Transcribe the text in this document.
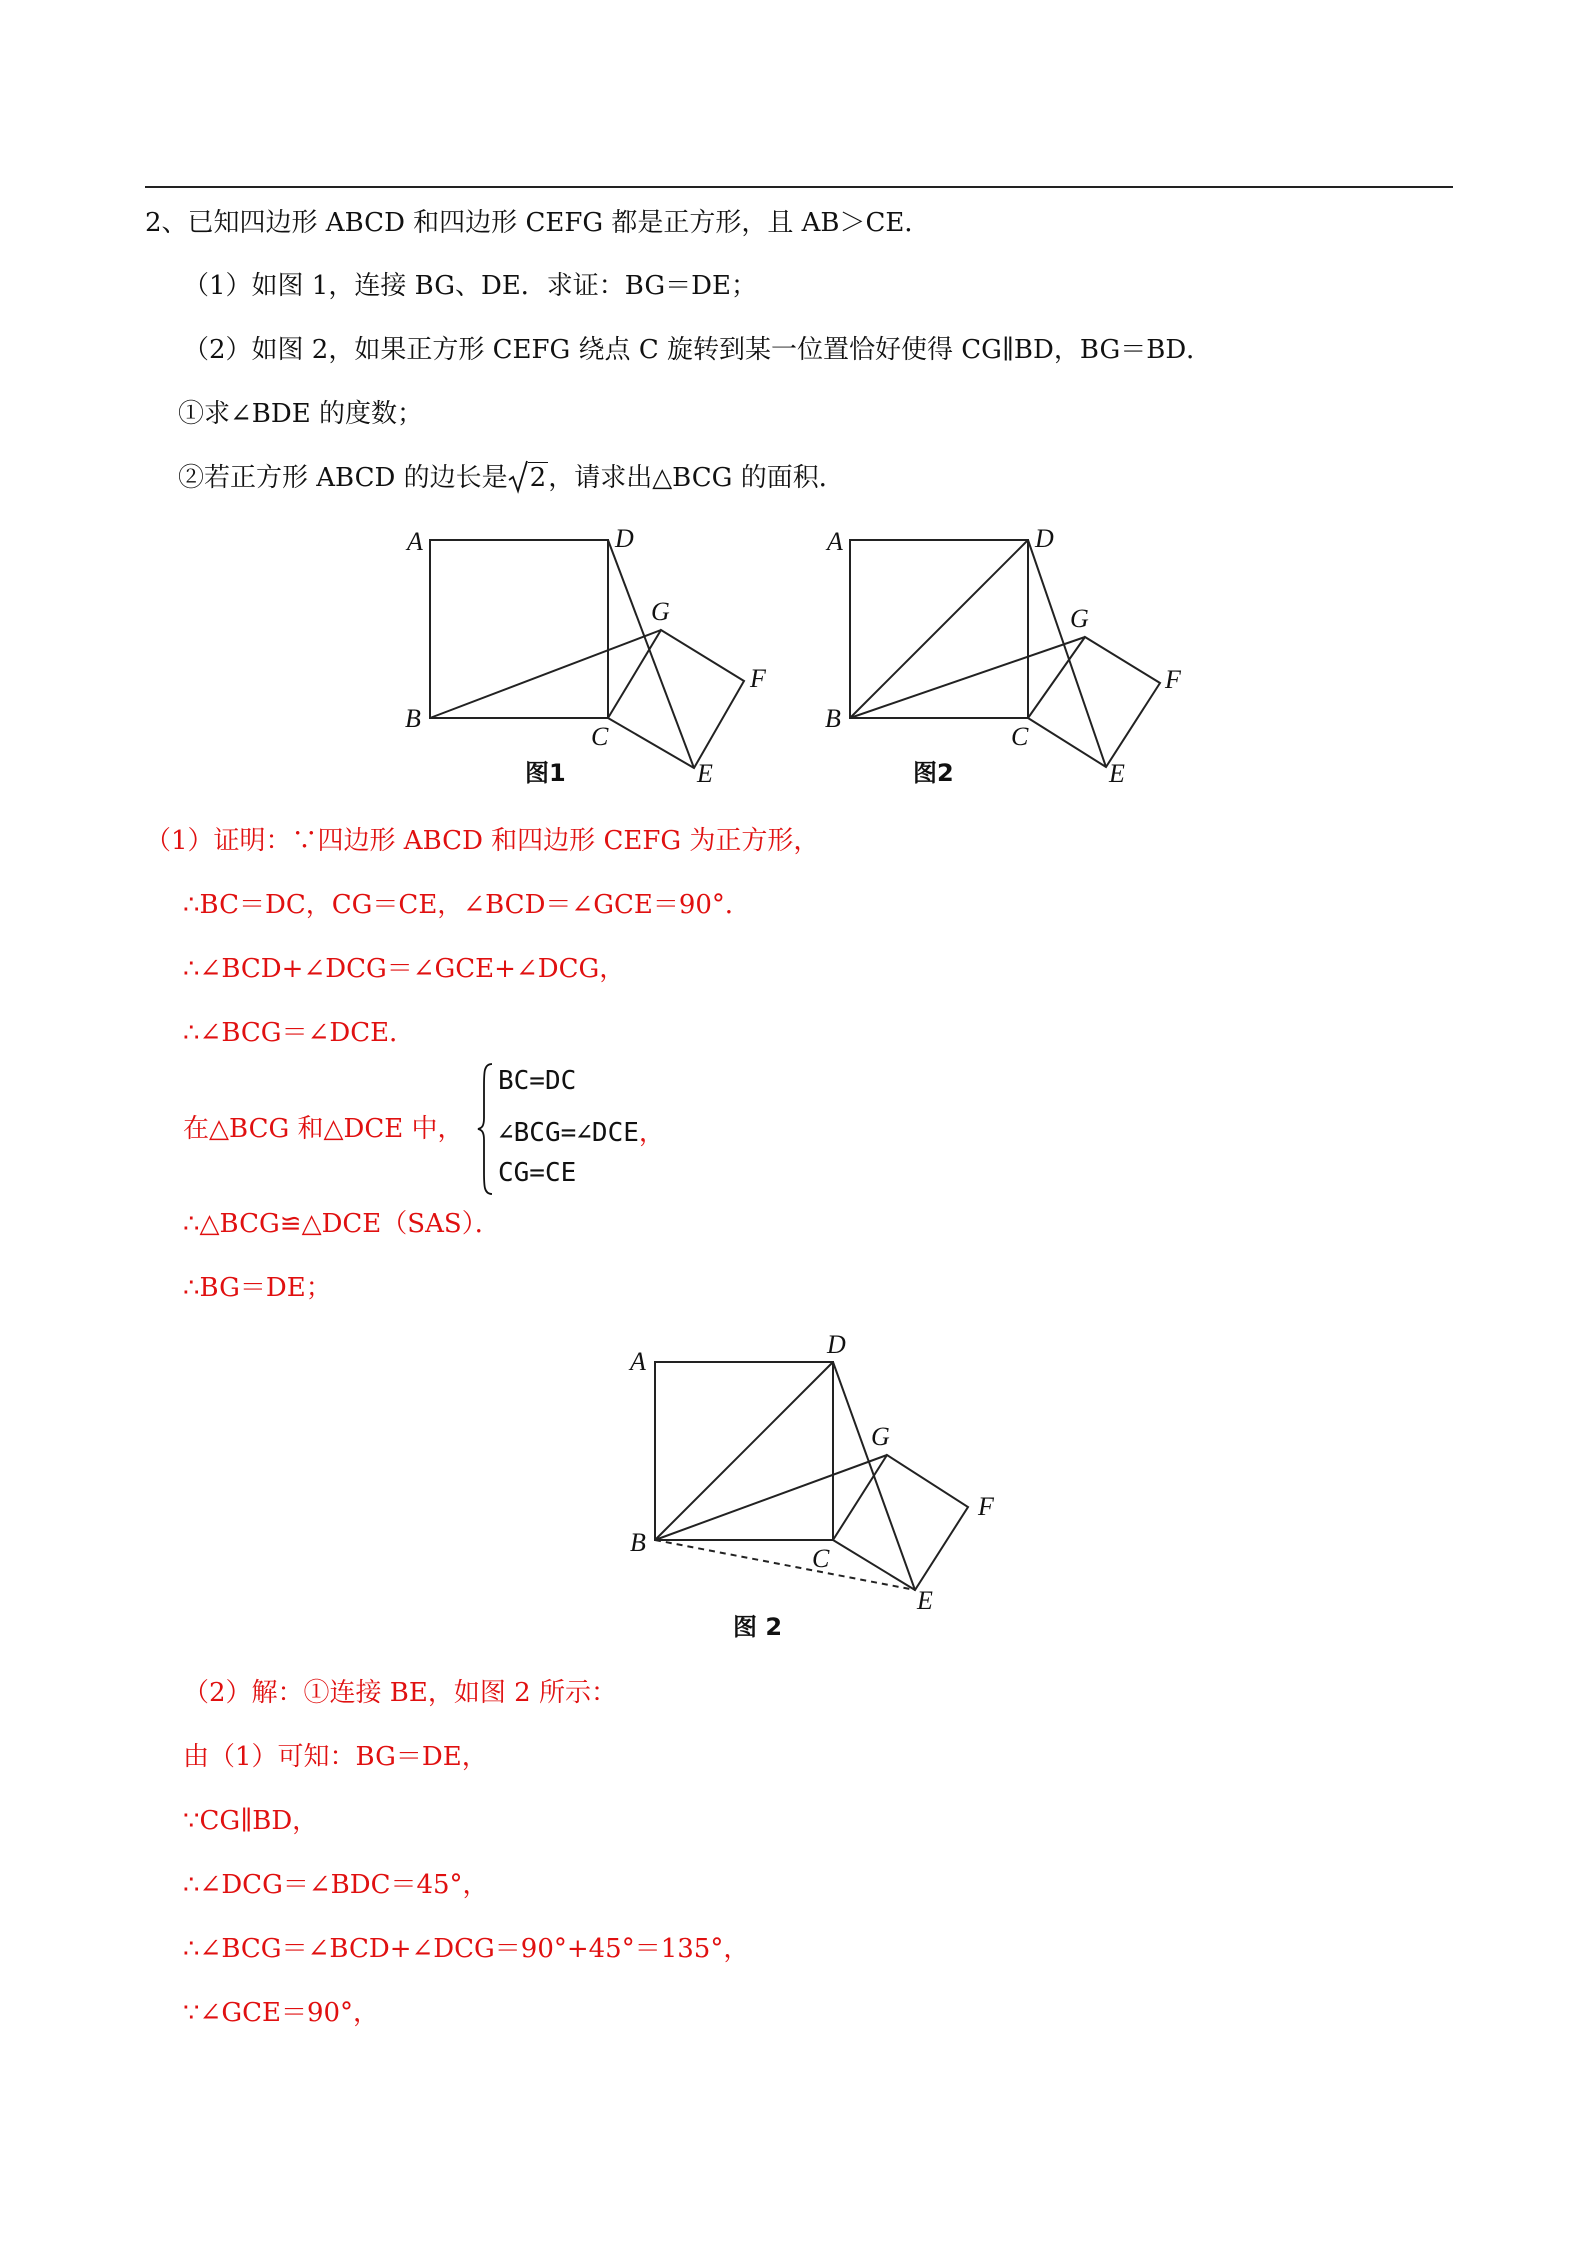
2、已知四边形 ABCD 和四边形 CEFG 都是正方形，且 AB＞CE．
（1）如图 1，连接 BG、DE．求证：BG＝DE；
（2）如图 2，如果正方形 CEFG 绕点 C 旋转到某一位置恰好使得 CG∥BD，BG＝BD．
①求∠BDE 的度数；
②若正方形 ABCD 的边长是 2，请求出△BCG 的面积．
A	D
G
F
B
C
E
图1
A	D
G
F
B
C
E
图2
（1）证明：∵四边形 ABCD 和四边形 CEFG 为正方形，
∴BC＝DC，CG＝CE，∠BCD＝∠GCE＝90°．
∴∠BCD+∠DCG＝∠GCE+∠DCG，
∴∠BCG＝∠DCE．
在△BCG 和△DCE 中，
BC=DC
∠BCG=∠DCE，
CG=CE
∴△BCG≌△DCE（SAS）．
∴BG＝DE；
A
D
G
F
B
C
E
图 2
（2）解：①连接 BE，如图 2 所示：
由（1）可知：BG＝DE，
∵CG∥BD，
∴∠DCG＝∠BDC＝45°，
∴∠BCG＝∠BCD+∠DCG＝90°+45°＝135°，
∵∠GCE＝90°，
